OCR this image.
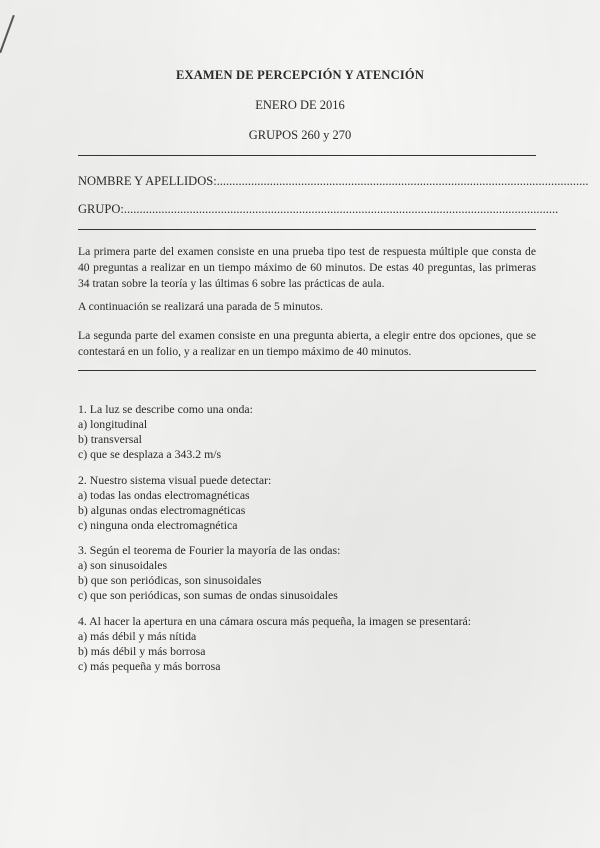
EXAMEN DE PERCEPCIÓN Y ATENCIÓN
ENERO DE 2016
GRUPOS 260 y 270
NOMBRE Y APELLIDOS:.......................................................................................................................
GRUPO:...........................................................................................................................................
La primera parte del examen consiste en una prueba tipo test de respuesta múltiple que consta de 40 preguntas a realizar en un tiempo máximo de 60 minutos. De estas 40 preguntas, las primeras 34 tratan sobre la teoría y las últimas 6 sobre las prácticas de aula.
A continuación se realizará una parada de 5 minutos.
La segunda parte del examen consiste en una pregunta abierta, a elegir entre dos opciones, que se contestará en un folio, y a realizar en un tiempo máximo de 40 minutos.
1. La luz se describe como una onda:
a) longitudinal
b) transversal
c) que se desplaza a 343.2 m/s
2. Nuestro sistema visual puede detectar:
a) todas las ondas electromagnéticas
b) algunas ondas electromagnéticas
c) ninguna onda electromagnética
3. Según el teorema de Fourier la mayoría de las ondas:
a) son sinusoidales
b) que son periódicas, son sinusoidales
c) que son periódicas, son sumas de ondas sinusoidales
4. Al hacer la apertura en una cámara oscura más pequeña, la imagen se presentará:
a) más débil y más nítida
b) más débil y más borrosa
c) más pequeña y más borrosa
